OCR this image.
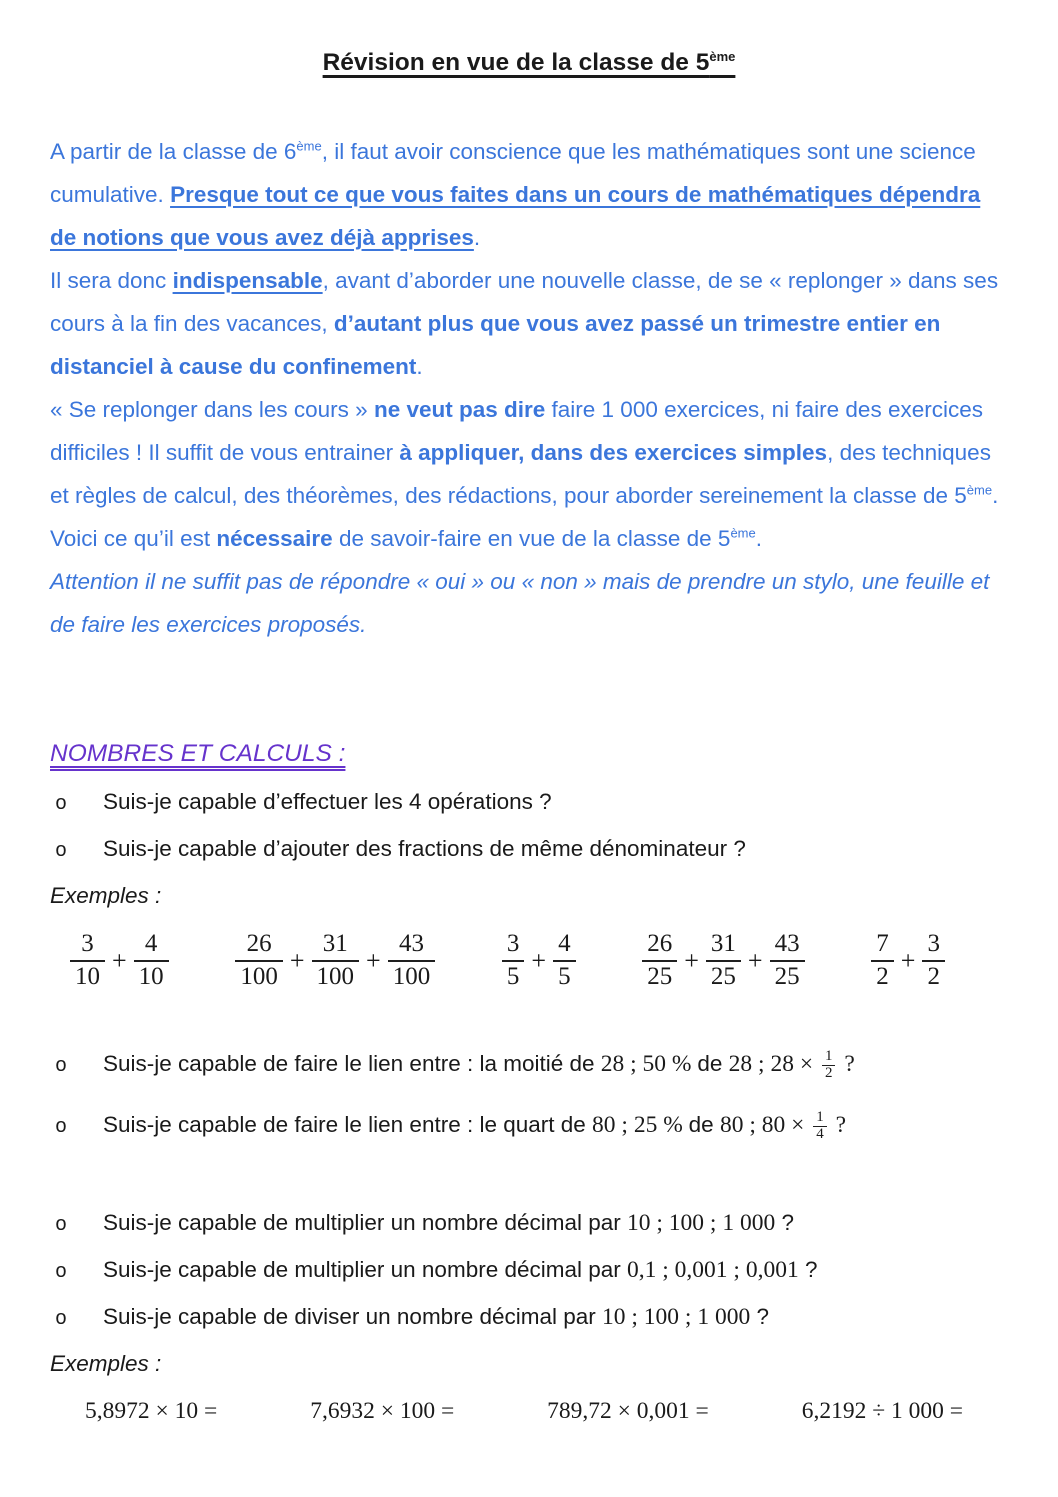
Révision en vue de la classe de 5ème

A partir de la classe de 6ème, il faut avoir conscience que les mathématiques sont une science cumulative. Presque tout ce que vous faites dans un cours de mathématiques dépendra de notions que vous avez déjà apprises.

Il sera donc indispensable, avant d’aborder une nouvelle classe, de se « replonger » dans ses cours à la fin des vacances, d’autant plus que vous avez passé un trimestre entier en distanciel à cause du confinement.

« Se replonger dans les cours » ne veut pas dire faire 1 000 exercices, ni faire des exercices difficiles ! Il suffit de vous entrainer à appliquer, dans des exercices simples, des techniques et règles de calcul, des théorèmes, des rédactions, pour aborder sereinement la classe de 5ème.

Voici ce qu’il est nécessaire de savoir-faire en vue de la classe de 5ème.

Attention il ne suffit pas de répondre « oui » ou « non » mais de prendre un stylo, une feuille et de faire les exercices proposés.

NOMBRES ET CALCULS :
o	Suis-je capable d’effectuer les 4 opérations ?
o	Suis-je capable d’ajouter des fractions de même dénominateur ?

Exemples :

$\frac{3}{10} + \frac{4}{10}$	$\frac{26}{100} + \frac{31}{100} + \frac{43}{100}$	$\frac{3}{5} + \frac{4}{5}$	$\frac{26}{25} + \frac{31}{25} + \frac{43}{25}$	$\frac{7}{2} + \frac{3}{2}$
o	Suis-je capable de faire le lien entre : la moitié de 28 ; 50 % de 28 ; $28 \times \frac{1}{2}$ ?
o	Suis-je capable de faire le lien entre : le quart de 80 ; 25 % de 80 ; $80 \times \frac{1}{4}$ ?
o	Suis-je capable de multiplier un nombre décimal par 10 ; 100 ; 1 000 ?
o	Suis-je capable de multiplier un nombre décimal par 0,1 ; 0,001 ; 0,001 ?
o	Suis-je capable de diviser un nombre décimal par 10 ; 100 ; 1 000 ?

Exemples :

5,8972 × 10 =	7,6932 × 100 =	789,72 × 0,001 =	6,2192 ÷ 1 000 =
